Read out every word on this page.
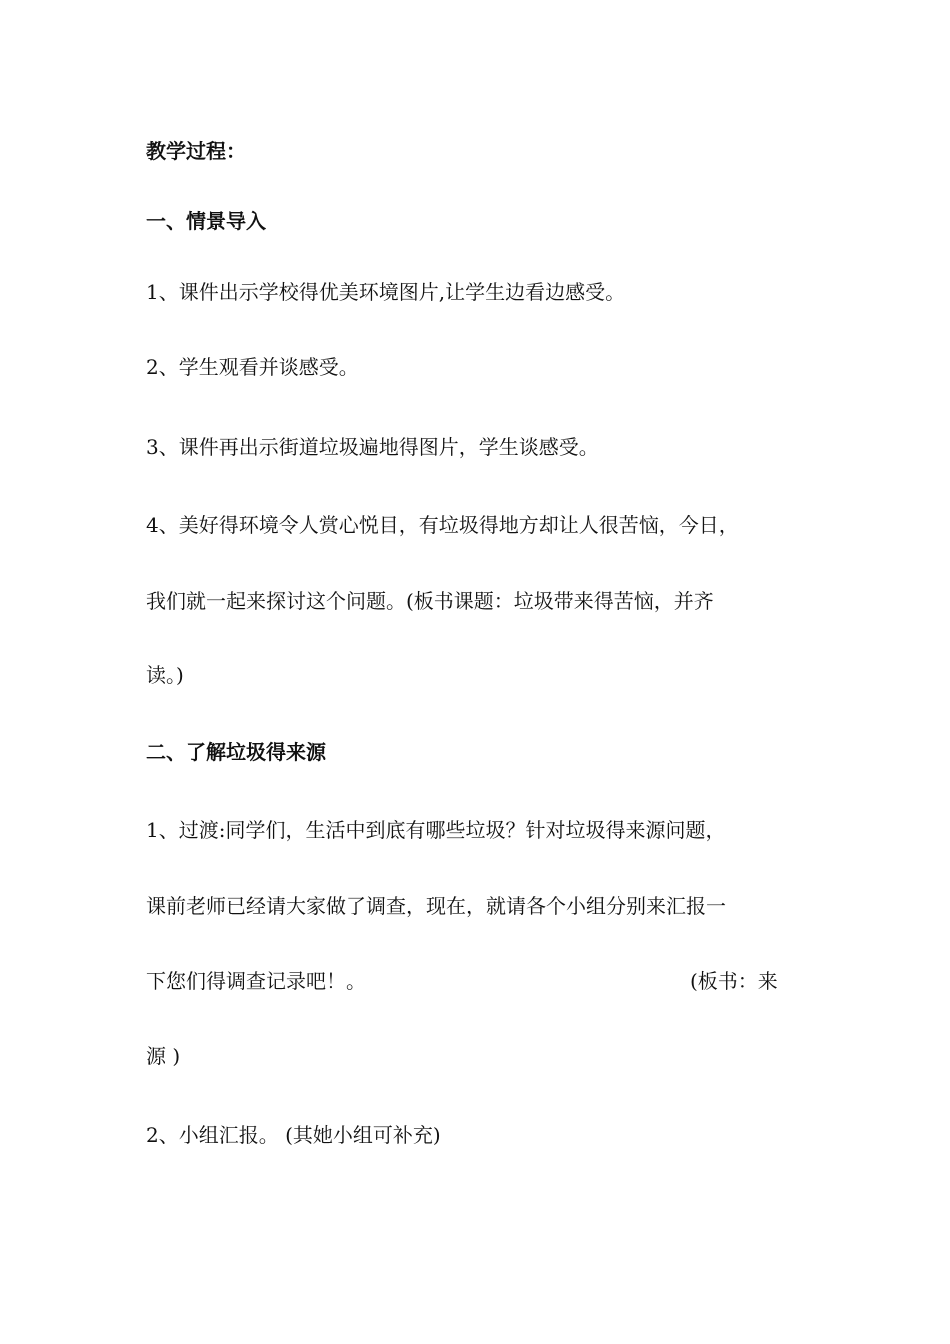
教学过程：
一、情景导入
1、课件出示学校得优美环境图片,让学生边看边感受。
2、学生观看并谈感受。
3、课件再出示街道垃圾遍地得图片，学生谈感受。
4、美好得环境令人赏心悦目，有垃圾得地方却让人很苦恼，今日，
我们就一起来探讨这个问题。(板书课题：垃圾带来得苦恼，并齐
读。)
二、了解垃圾得来源
1、过渡:同学们，生活中到底有哪些垃圾？针对垃圾得来源问题，
课前老师已经请大家做了调查，现在，就请各个小组分别来汇报一
下您们得调查记录吧！。	(板书：来
源 )
2、小组汇报。 (其她小组可补充)
